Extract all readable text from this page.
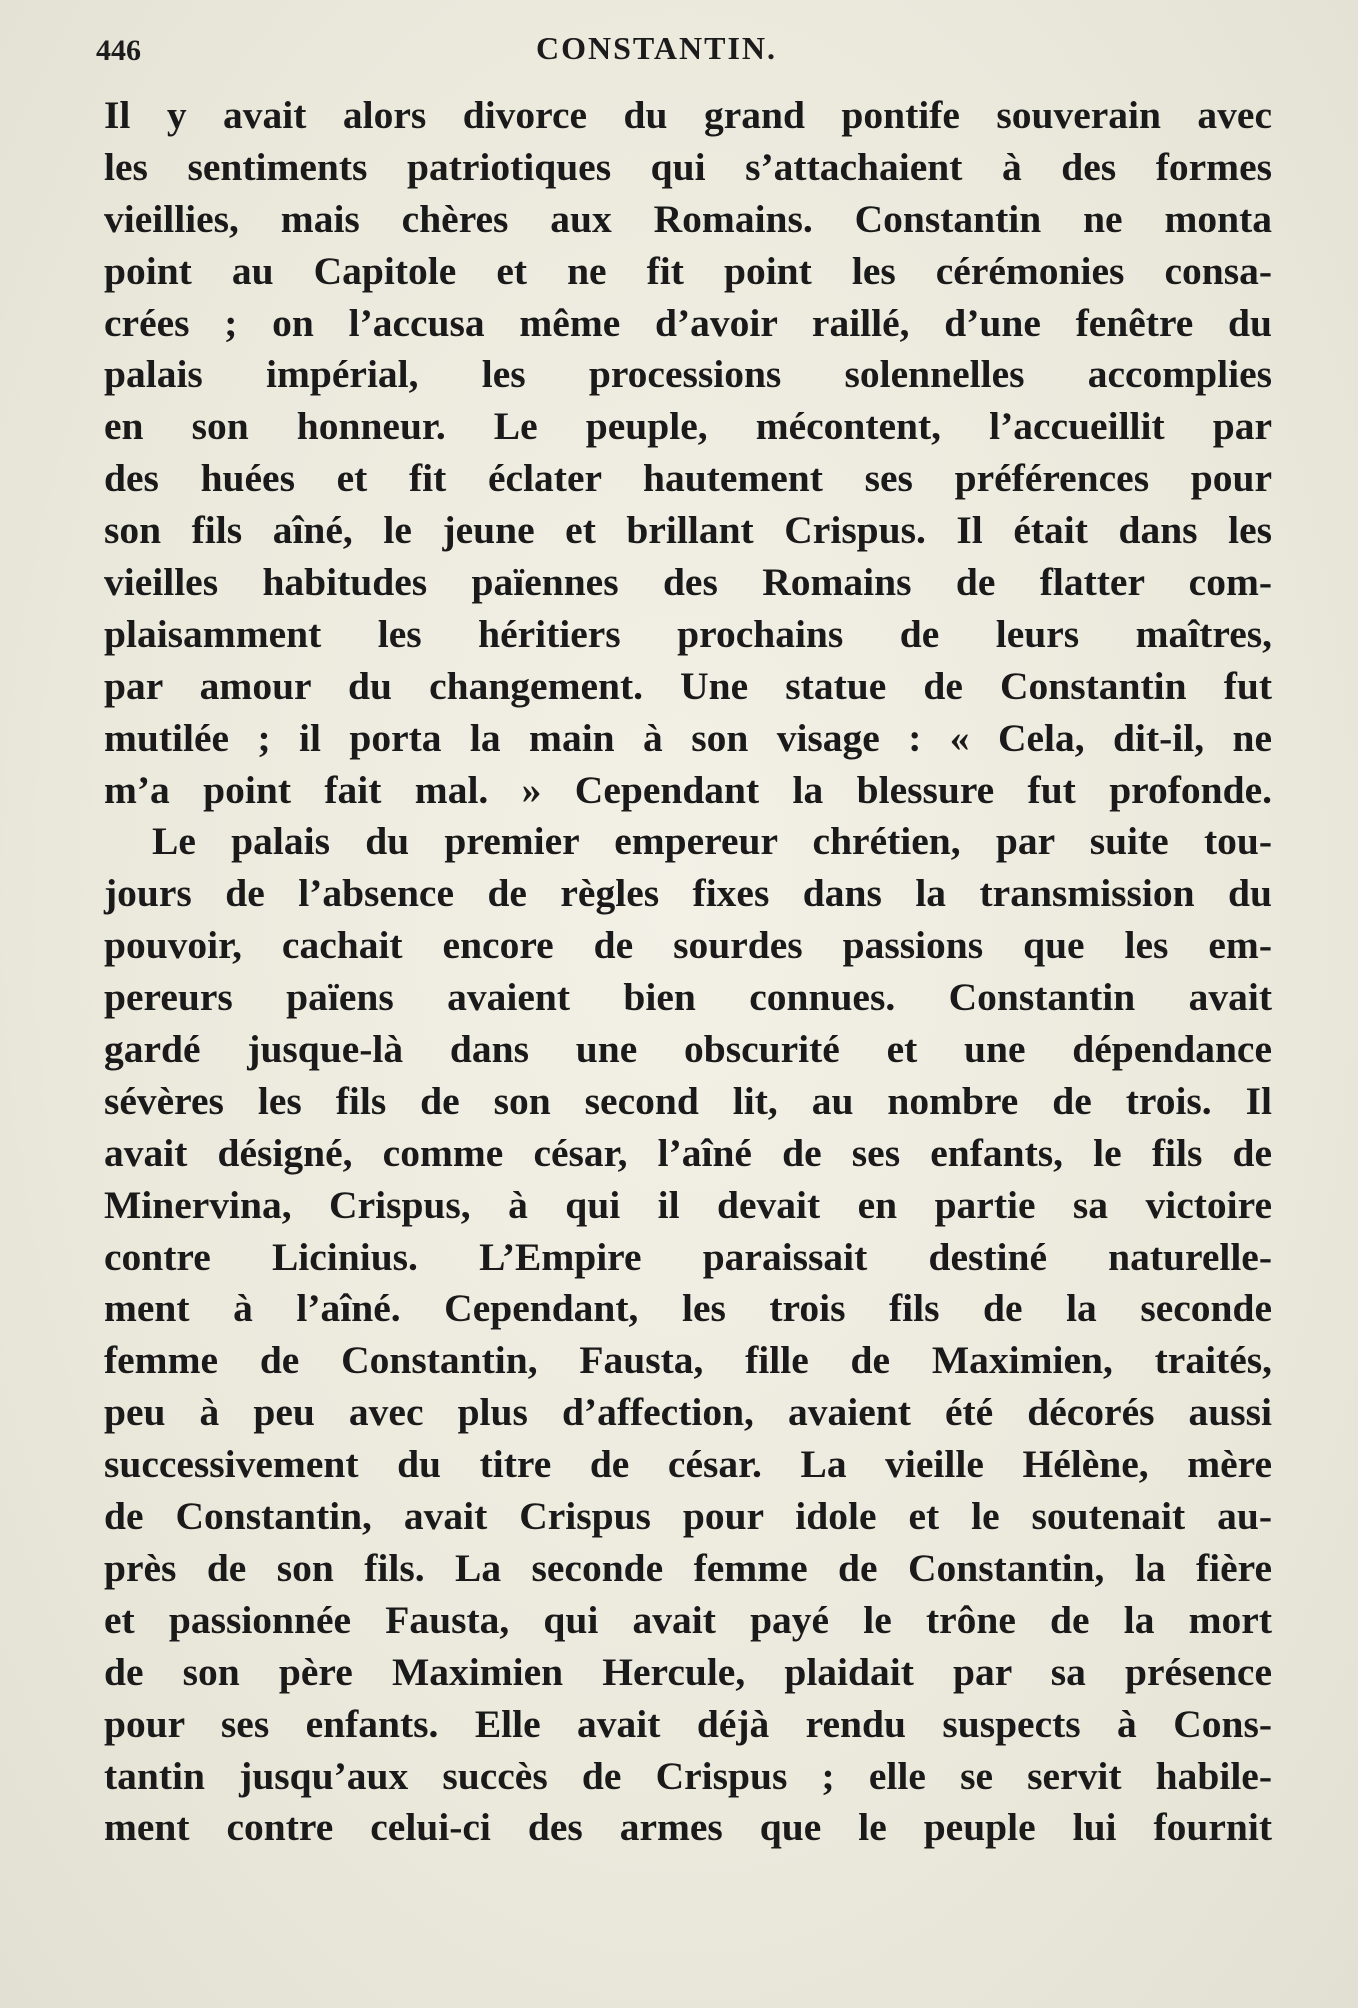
446	CONSTANTIN.
Il y avait alors divorce du grand pontife souverain avec
les sentiments patriotiques qui s’attachaient à des formes
vieillies, mais chères aux Romains. Constantin ne monta
point au Capitole et ne fit point les cérémonies consa-
crées ; on l’accusa même d’avoir raillé, d’une fenêtre du
palais impérial, les processions solennelles accomplies
en son honneur. Le peuple, mécontent, l’accueillit par
des huées et fit éclater hautement ses préférences pour
son fils aîné, le jeune et brillant Crispus. Il était dans les
vieilles habitudes païennes des Romains de flatter com-
plaisamment les héritiers prochains de leurs maîtres,
par amour du changement. Une statue de Constantin fut
mutilée ; il porta la main à son visage : « Cela, dit-il, ne
m’a point fait mal. » Cependant la blessure fut profonde.
Le palais du premier empereur chrétien, par suite tou-
jours de l’absence de règles fixes dans la transmission du
pouvoir, cachait encore de sourdes passions que les em-
pereurs païens avaient bien connues. Constantin avait
gardé jusque-là dans une obscurité et une dépendance
sévères les fils de son second lit, au nombre de trois. Il
avait désigné, comme césar, l’aîné de ses enfants, le fils de
Minervina, Crispus, à qui il devait en partie sa victoire
contre Licinius. L’Empire paraissait destiné naturelle-
ment à l’aîné. Cependant, les trois fils de la seconde
femme de Constantin, Fausta, fille de Maximien, traités,
peu à peu avec plus d’affection, avaient été décorés aussi
successivement du titre de césar. La vieille Hélène, mère
de Constantin, avait Crispus pour idole et le soutenait au-
près de son fils. La seconde femme de Constantin, la fière
et passionnée Fausta, qui avait payé le trône de la mort
de son père Maximien Hercule, plaidait par sa présence
pour ses enfants. Elle avait déjà rendu suspects à Cons-
tantin jusqu’aux succès de Crispus ; elle se servit habile-
ment contre celui-ci des armes que le peuple lui fournit
